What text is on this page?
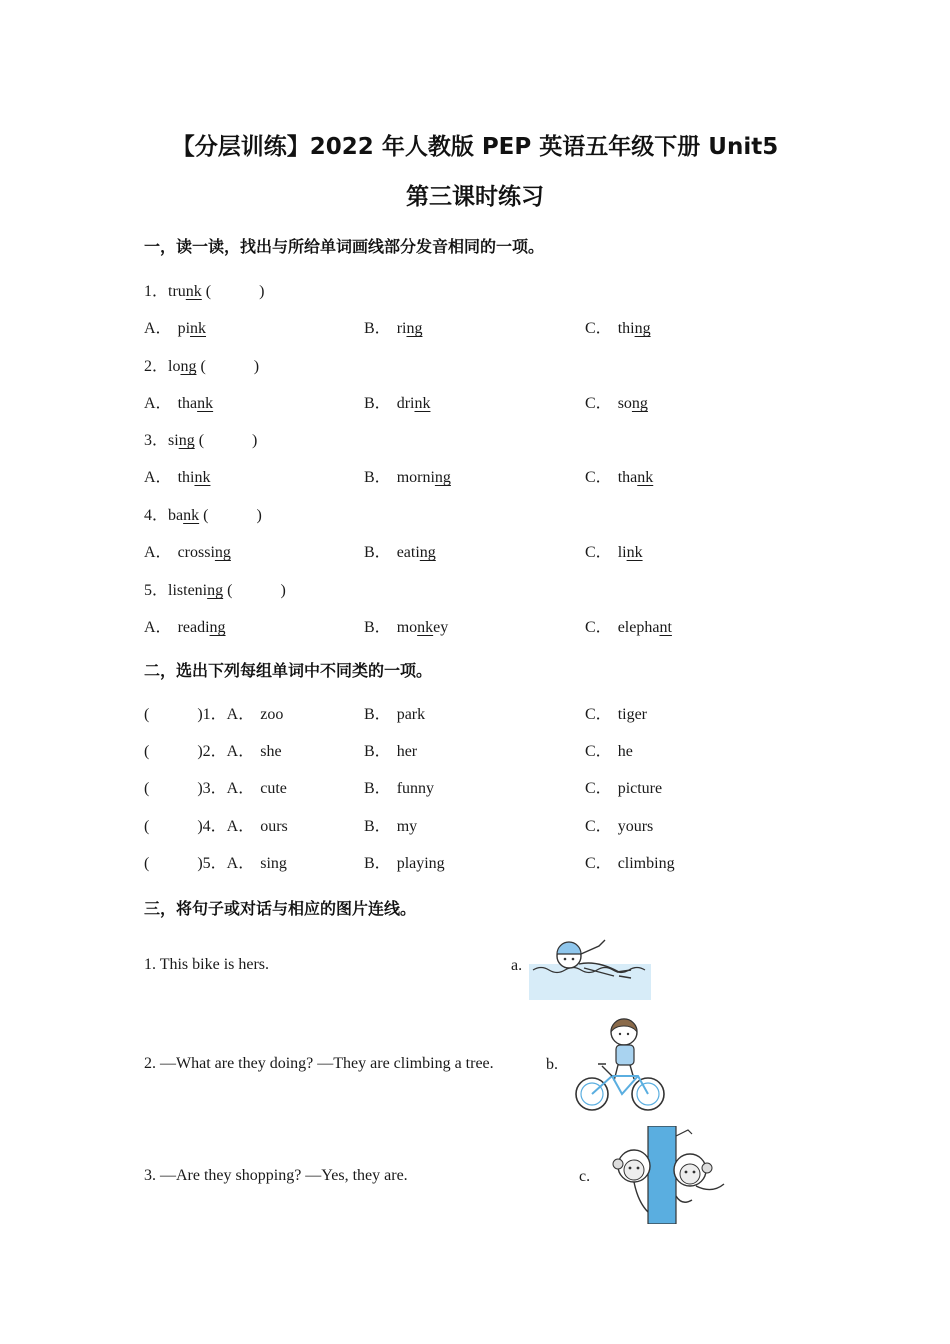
【分层训练】2022 年人教版 PEP 英语五年级下册 Unit5
第三课时练习
一，读一读，找出与所给单词画线部分发音相同的一项。
1．trunk (　　　)
A． pink	B． ring	C． thing
2．long (　　　)
A． thank	B． drink	C． song
3．sing (　　　)
A． think	B． morning	C． thank
4．bank (　　　)
A． crossing	B． eating	C． link
5．listening (　　　)
A． reading	B． monkey	C． elephant
二，选出下列每组单词中不同类的一项。
(　　　)1．A． zoo	B． park	C． tiger
(　　　)2．A． she	B． her	C． he
(　　　)3．A． cute	B． funny	C． picture
(　　　)4．A． ours	B． my	C． yours
(　　　)5．A． sing	B． playing	C． climbing
三，将句子或对话与相应的图片连线。
1. This bike is hers.
2. —What are they doing? —They are climbing a tree.
3. —Are they shopping? —Yes, they are.
a.
b.
c.
